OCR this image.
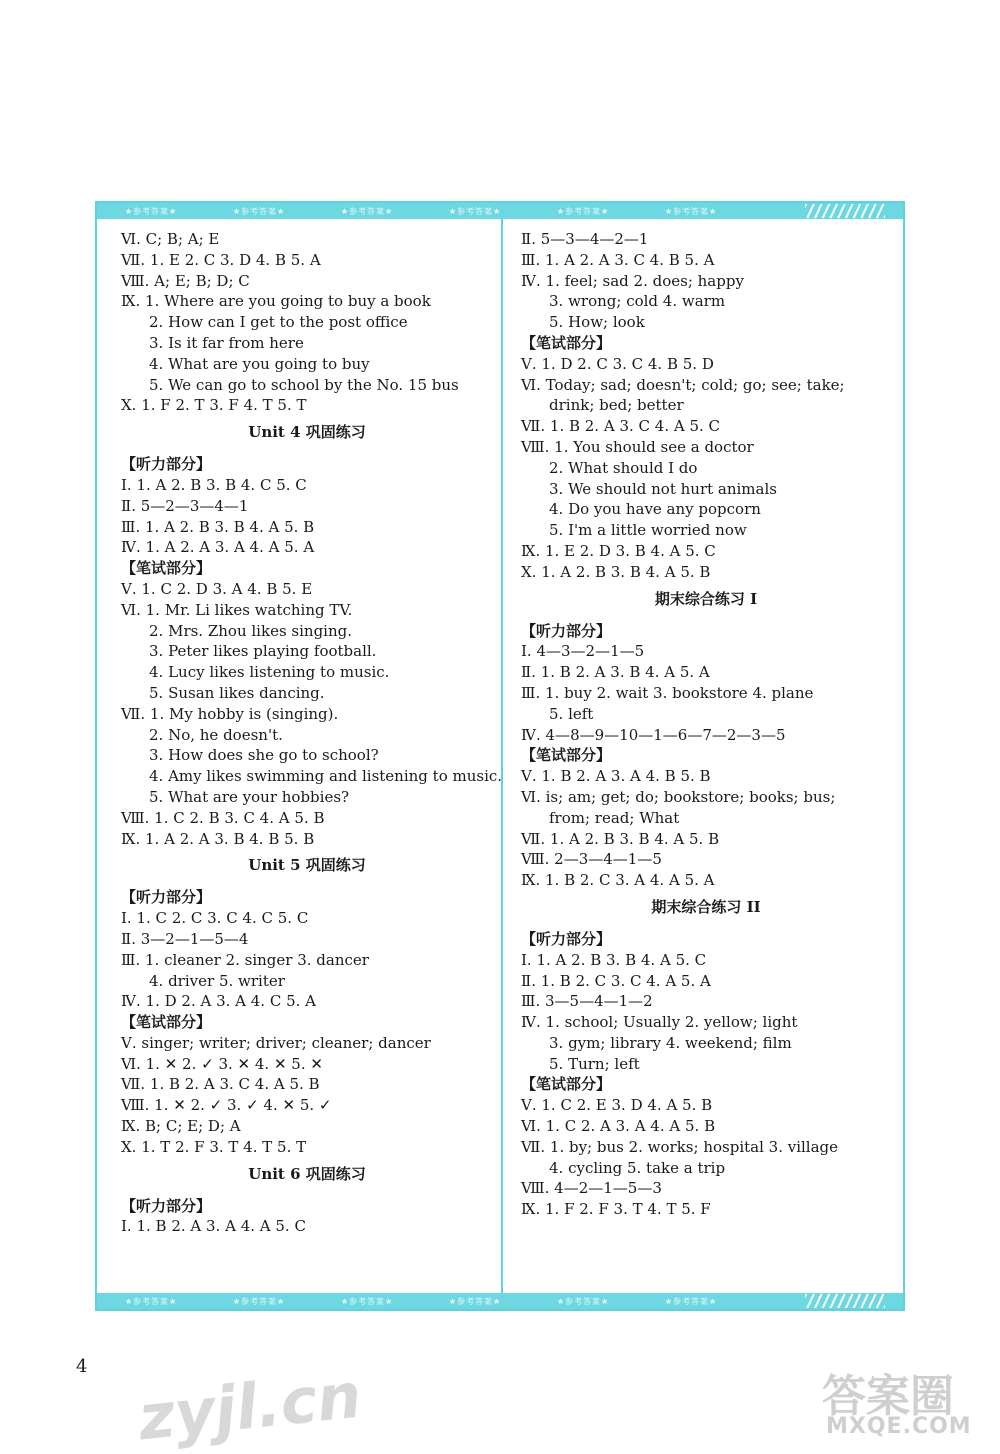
★参考答案★	★参考答案★	★参考答案★	★参考答案★	★参考答案★	★参考答案★
Ⅵ. C; B; A; E
Ⅶ. 1. E 2. C 3. D 4. B 5. A
Ⅷ. A; E; B; D; C
Ⅸ. 1. Where are you going to buy a book
2. How can I get to the post office
3. Is it far from here
4. What are you going to buy
5. We can go to school by the No. 15 bus
Ⅹ. 1. F 2. T 3. F 4. T 5. T
Unit 4 巩固练习
【听力部分】
Ⅰ. 1. A 2. B 3. B 4. C 5. C
Ⅱ. 5—2—3—4—1
Ⅲ. 1. A 2. B 3. B 4. A 5. B
Ⅳ. 1. A 2. A 3. A 4. A 5. A
【笔试部分】
Ⅴ. 1. C 2. D 3. A 4. B 5. E
Ⅵ. 1. Mr. Li likes watching TV.
2. Mrs. Zhou likes singing.
3. Peter likes playing football.
4. Lucy likes listening to music.
5. Susan likes dancing.
Ⅶ. 1. My hobby is (singing).
2. No, he doesn't.
3. How does she go to school?
4. Amy likes swimming and listening to music.
5. What are your hobbies?
Ⅷ. 1. C 2. B 3. C 4. A 5. B
Ⅸ. 1. A 2. A 3. B 4. B 5. B
Unit 5 巩固练习
【听力部分】
Ⅰ. 1. C 2. C 3. C 4. C 5. C
Ⅱ. 3—2—1—5—4
Ⅲ. 1. cleaner 2. singer 3. dancer
4. driver 5. writer
Ⅳ. 1. D 2. A 3. A 4. C 5. A
【笔试部分】
Ⅴ. singer; writer; driver; cleaner; dancer
Ⅵ. 1. ✕ 2. ✓ 3. ✕ 4. ✕ 5. ✕
Ⅶ. 1. B 2. A 3. C 4. A 5. B
Ⅷ. 1. ✕ 2. ✓ 3. ✓ 4. ✕ 5. ✓
Ⅸ. B; C; E; D; A
Ⅹ. 1. T 2. F 3. T 4. T 5. T
Unit 6 巩固练习
【听力部分】
Ⅰ. 1. B 2. A 3. A 4. A 5. C
Ⅱ. 5—3—4—2—1
Ⅲ. 1. A 2. A 3. C 4. B 5. A
Ⅳ. 1. feel; sad 2. does; happy
3. wrong; cold 4. warm
5. How; look
【笔试部分】
Ⅴ. 1. D 2. C 3. C 4. B 5. D
Ⅵ. Today; sad; doesn't; cold; go; see; take;
drink; bed; better
Ⅶ. 1. B 2. A 3. C 4. A 5. C
Ⅷ. 1. You should see a doctor
2. What should I do
3. We should not hurt animals
4. Do you have any popcorn
5. I'm a little worried now
Ⅸ. 1. E 2. D 3. B 4. A 5. C
Ⅹ. 1. A 2. B 3. B 4. A 5. B
期末综合练习 I
【听力部分】
Ⅰ. 4—3—2—1—5
Ⅱ. 1. B 2. A 3. B 4. A 5. A
Ⅲ. 1. buy 2. wait 3. bookstore 4. plane
5. left
Ⅳ. 4—8—9—10—1—6—7—2—3—5
【笔试部分】
Ⅴ. 1. B 2. A 3. A 4. B 5. B
Ⅵ. is; am; get; do; bookstore; books; bus;
from; read; What
Ⅶ. 1. A 2. B 3. B 4. A 5. B
Ⅷ. 2—3—4—1—5
Ⅸ. 1. B 2. C 3. A 4. A 5. A
期末综合练习 II
【听力部分】
Ⅰ. 1. A 2. B 3. B 4. A 5. C
Ⅱ. 1. B 2. C 3. C 4. A 5. A
Ⅲ. 3—5—4—1—2
Ⅳ. 1. school; Usually 2. yellow; light
3. gym; library 4. weekend; film
5. Turn; left
【笔试部分】
Ⅴ. 1. C 2. E 3. D 4. A 5. B
Ⅵ. 1. C 2. A 3. A 4. A 5. B
Ⅶ. 1. by; bus 2. works; hospital 3. village
4. cycling 5. take a trip
Ⅷ. 4—2—1—5—3
Ⅸ. 1. F 2. F 3. T 4. T 5. F
★参考答案★	★参考答案★	★参考答案★	★参考答案★	★参考答案★	★参考答案★
4 zyjl.cn	答案圈
MXQE.COM
